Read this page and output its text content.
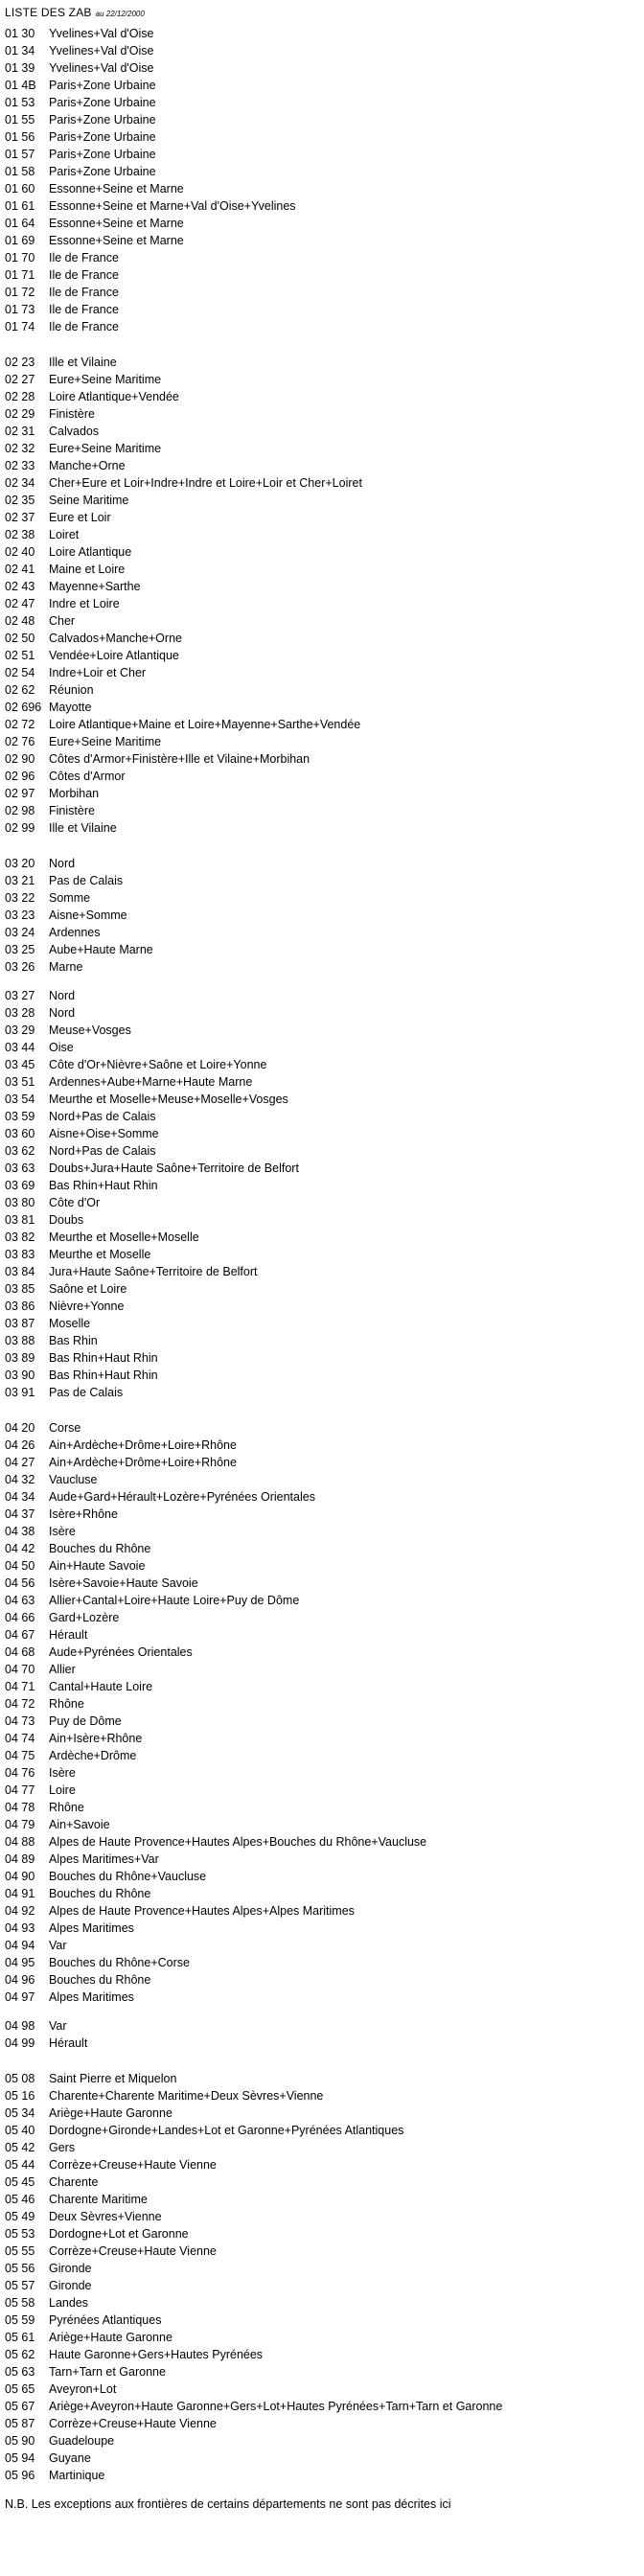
LISTE DES ZAB au 22/12/2000
01 30 Yvelines+Val d'Oise
01 34 Yvelines+Val d'Oise
01 39 Yvelines+Val d'Oise
01 4B Paris+Zone Urbaine
01 53 Paris+Zone Urbaine
01 55 Paris+Zone Urbaine
01 56 Paris+Zone Urbaine
01 57 Paris+Zone Urbaine
01 58 Paris+Zone Urbaine
01 60 Essonne+Seine et Marne
01 61 Essonne+Seine et Marne+Val d'Oise+Yvelines
01 64 Essonne+Seine et Marne
01 69 Essonne+Seine et Marne
01 70 Ile de France
01 71 Ile de France
01 72 Ile de France
01 73 Ile de France
01 74 Ile de France
02 23 Ille et Vilaine
02 27 Eure+Seine Maritime
02 28 Loire Atlantique+Vendée
02 29 Finistère
02 31 Calvados
02 32 Eure+Seine Maritime
02 33 Manche+Orne
02 34 Cher+Eure et Loir+Indre+Indre et Loire+Loir et Cher+Loiret
02 35 Seine Maritime
02 37 Eure et Loir
02 38 Loiret
02 40 Loire Atlantique
02 41 Maine et Loire
02 43 Mayenne+Sarthe
02 47 Indre et Loire
02 48 Cher
02 50 Calvados+Manche+Orne
02 51 Vendée+Loire Atlantique
02 54 Indre+Loir et Cher
02 62 Réunion
02 696 Mayotte
02 72 Loire Atlantique+Maine et Loire+Mayenne+Sarthe+Vendée
02 76 Eure+Seine Maritime
02 90 Côtes d'Armor+Finistère+Ille et Vilaine+Morbihan
02 96 Côtes d'Armor
02 97 Morbihan
02 98 Finistère
02 99 Ille et Vilaine
03 20 Nord
03 21 Pas de Calais
03 22 Somme
03 23 Aisne+Somme
03 24 Ardennes
03 25 Aube+Haute Marne
03 26 Marne
03 27 Nord
03 28 Nord
03 29 Meuse+Vosges
03 44 Oise
03 45 Côte d'Or+Nièvre+Saône et Loire+Yonne
03 51 Ardennes+Aube+Marne+Haute Marne
03 54 Meurthe et Moselle+Meuse+Moselle+Vosges
03 59 Nord+Pas de Calais
03 60 Aisne+Oise+Somme
03 62 Nord+Pas de Calais
03 63 Doubs+Jura+Haute Saône+Territoire de Belfort
03 69 Bas Rhin+Haut Rhin
03 80 Côte d'Or
03 81 Doubs
03 82 Meurthe et Moselle+Moselle
03 83 Meurthe et Moselle
03 84 Jura+Haute Saône+Territoire de Belfort
03 85 Saône et Loire
03 86 Nièvre+Yonne
03 87 Moselle
03 88 Bas Rhin
03 89 Bas Rhin+Haut Rhin
03 90 Bas Rhin+Haut Rhin
03 91 Pas de Calais
04 20 Corse
04 26 Ain+Ardèche+Drôme+Loire+Rhône
04 27 Ain+Ardèche+Drôme+Loire+Rhône
04 32 Vaucluse
04 34 Aude+Gard+Hérault+Lozère+Pyrénées Orientales
04 37 Isère+Rhône
04 38 Isère
04 42 Bouches du Rhône
04 50 Ain+Haute Savoie
04 56 Isère+Savoie+Haute Savoie
04 63 Allier+Cantal+Loire+Haute Loire+Puy de Dôme
04 66 Gard+Lozère
04 67 Hérault
04 68 Aude+Pyrénées Orientales
04 70 Allier
04 71 Cantal+Haute Loire
04 72 Rhône
04 73 Puy de Dôme
04 74 Ain+Isère+Rhône
04 75 Ardèche+Drôme
04 76 Isère
04 77 Loire
04 78 Rhône
04 79 Ain+Savoie
04 88 Alpes de Haute Provence+Hautes Alpes+Bouches du Rhône+Vaucluse
04 89 Alpes Maritimes+Var
04 90 Bouches du Rhône+Vaucluse
04 91 Bouches du Rhône
04 92 Alpes de Haute Provence+Hautes Alpes+Alpes Maritimes
04 93 Alpes Maritimes
04 94 Var
04 95 Bouches du Rhône+Corse
04 96 Bouches du Rhône
04 97 Alpes Maritimes
04 98 Var
04 99 Hérault
05 08 Saint Pierre et Miquelon
05 16 Charente+Charente Maritime+Deux Sèvres+Vienne
05 34 Ariège+Haute Garonne
05 40 Dordogne+Gironde+Landes+Lot et Garonne+Pyrénées Atlantiques
05 42 Gers
05 44 Corrèze+Creuse+Haute Vienne
05 45 Charente
05 46 Charente Maritime
05 49 Deux Sèvres+Vienne
05 53 Dordogne+Lot et Garonne
05 55 Corrèze+Creuse+Haute Vienne
05 56 Gironde
05 57 Gironde
05 58 Landes
05 59 Pyrénées Atlantiques
05 61 Ariège+Haute Garonne
05 62 Haute Garonne+Gers+Hautes Pyrénées
05 63 Tarn+Tarn et Garonne
05 65 Aveyron+Lot
05 67 Ariège+Aveyron+Haute Garonne+Gers+Lot+Hautes Pyrénées+Tarn+Tarn et Garonne
05 87 Corrèze+Creuse+Haute Vienne
05 90 Guadeloupe
05 94 Guyane
05 96 Martinique
N.B. Les exceptions aux frontières de certains départements ne sont pas décrites ici
